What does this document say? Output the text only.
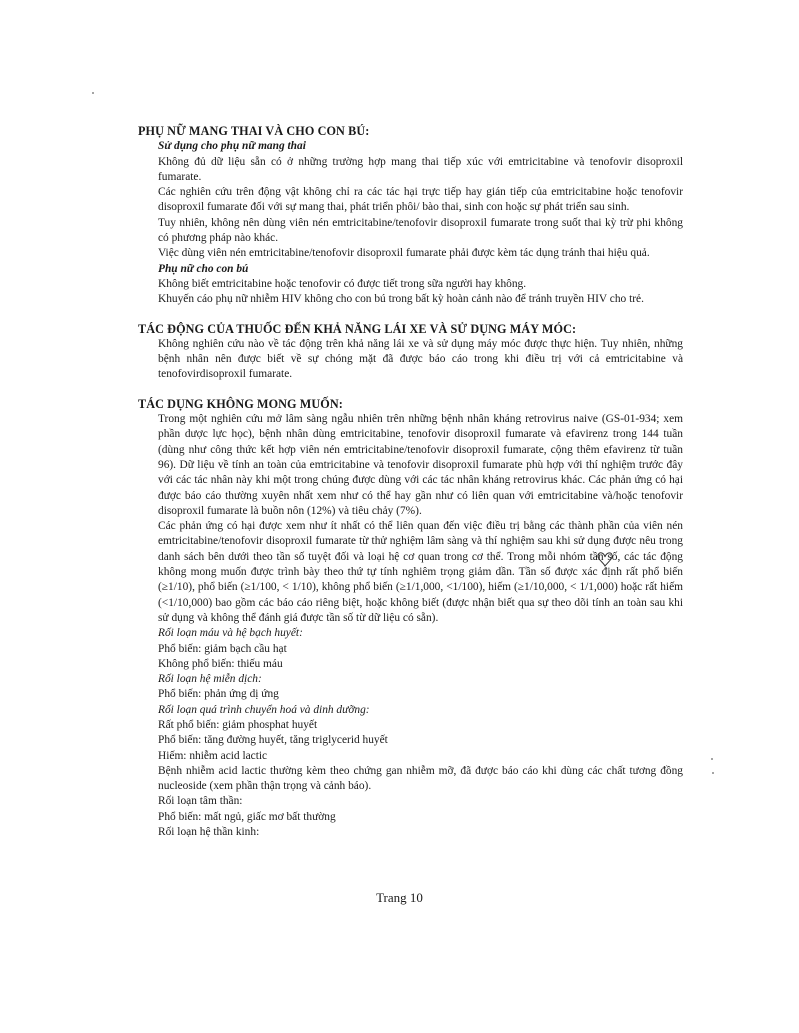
PHỤ NỮ MANG THAI VÀ CHO CON BÚ:

Sử dụng cho phụ nữ mang thai

Không đủ dữ liệu sẵn có ở những trường hợp mang thai tiếp xúc với emtricitabine và tenofovir disoproxil fumarate.

Các nghiên cứu trên động vật không chỉ ra các tác hại trực tiếp hay gián tiếp của emtricitabine hoặc tenofovir disoproxil fumarate đối với sự mang thai, phát triển phôi/ bào thai, sinh con hoặc sự phát triển sau sinh.

Tuy nhiên, không nên dùng viên nén emtricitabine/tenofovir disoproxil fumarate trong suốt thai kỳ trừ phi không có phương pháp nào khác.

Việc dùng viên nén emtricitabine/tenofovir disoproxil fumarate phải được kèm tác dụng tránh thai hiệu quả.

Phụ nữ cho con bú

Không biết emtricitabine hoặc tenofovir có được tiết trong sữa người hay không.

Khuyến cáo phụ nữ nhiễm HIV không cho con bú trong bất kỳ hoàn cảnh nào để tránh truyền HIV cho trẻ.

TÁC ĐỘNG CỦA THUỐC ĐẾN KHẢ NĂNG LÁI XE VÀ SỬ DỤNG MÁY MÓC:

Không nghiên cứu nào về tác động trên khả năng lái xe và sử dụng máy móc được thực hiện. Tuy nhiên, những bệnh nhân nên được biết về sự chóng mặt đã được báo cáo trong khi điều trị với cả emtricitabine và tenofovirdisoproxil fumarate.

TÁC DỤNG KHÔNG MONG MUỐN:

Trong một nghiên cứu mở lâm sàng ngẫu nhiên trên những bệnh nhân kháng retrovirus naive (GS-01-934; xem phần dược lực học), bệnh nhân dùng emtricitabine, tenofovir disoproxil fumarate và efavirenz trong 144 tuần (dùng như công thức kết hợp viên nén emtricitabine/tenofovir disoproxil fumarate, cộng thêm efavirenz từ tuần 96). Dữ liệu về tính an toàn của emtricitabine và tenofovir disoproxil fumarate phù hợp với thí nghiệm trước đây với các tác nhân này khi một trong chúng được dùng với các tác nhân kháng retrovirus khác. Các phản ứng có hại được báo cáo thường xuyên nhất xem như có thể hay gần như có liên quan với emtricitabine và/hoặc tenofovir disoproxil fumarate là buồn nôn (12%) và tiêu chảy (7%).

Các phản ứng có hại được xem như ít nhất có thể liên quan đến việc điều trị bằng các thành phần của viên nén emtricitabine/tenofovir disoproxil fumarate từ thử nghiệm lâm sàng và thí nghiệm sau khi sử dụng được nêu trong danh sách bên dưới theo tần số tuyệt đối và loại hệ cơ quan trong cơ thể. Trong mỗi nhóm tần số, các tác động không mong muốn được trình bày theo thứ tự tính nghiêm trọng giảm dần. Tần số được xác định rất phổ biến (≥1/10), phổ biến (≥1/100, < 1/10), không phổ biến (≥1/1,000, <1/100), hiếm (≥1/10,000, < 1/1,000) hoặc rất hiếm (<1/10,000) bao gồm các báo cáo riêng biệt, hoặc không biết (được nhận biết qua sự theo dõi tính an toàn sau khi sử dụng và không thể đánh giá được tần số từ dữ liệu có sẵn).

Rối loạn máu và hệ bạch huyết:

Phổ biến: giảm bạch cầu hạt

Không phổ biến: thiếu máu

Rối loạn hệ miễn dịch:

Phổ biến: phản ứng dị ứng

Rối loạn quá trình chuyển hoá và dinh dưỡng:

Rất phổ biến: giảm phosphat huyết

Phổ biến: tăng đường huyết, tăng triglycerid huyết

Hiếm: nhiễm acid lactic

Bệnh nhiễm acid lactic thường kèm theo chứng gan nhiễm mỡ, đã được báo cáo khi dùng các chất tương đồng nucleoside (xem phần thận trọng và cảnh báo).

Rối loạn tâm thần:

Phổ biến: mất ngủ, giấc mơ bất thường

Rối loạn hệ thần kinh:

Trang 10
